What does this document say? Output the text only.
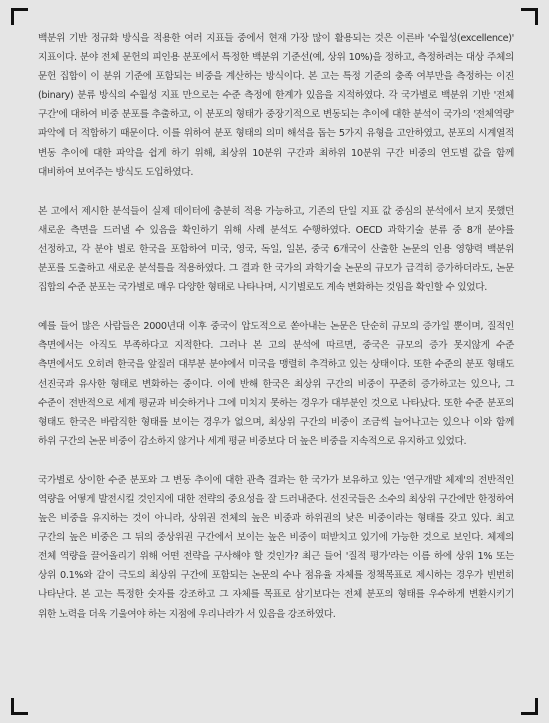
백분위 기반 정규화 방식을 적용한 여러 지표들 중에서 현재 가장 많이 활용되는 것은 이른바 '수월성(excellence)' 지표이다. 분야 전체 문헌의 피인용 분포에서 특정한 백분위 기준선(예, 상위 10%)을 정하고, 측정하려는 대상 주체의 문헌 집합이 이 분위 기준에 포함되는 비중을 계산하는 방식이다. 본 고는 특정 기준의 충족 여부만을 측정하는 이진(binary) 분류 방식의 수월성 지표 만으로는 수준 측정에 한계가 있음을 지적하였다. 각 국가별로 백분위 기반 '전체 구간'에 대하여 비중 분포를 추출하고, 이 분포의 형태가 중장기적으로 변동되는 추이에 대한 분석이 국가의 '전체역량' 파악에 더 적합하기 때문이다. 이를 위하여 분포 형태의 의미 해석을 돕는 5가지 유형을 고안하였고, 분포의 시계열적 변동 추이에 대한 파악을 쉽게 하기 위해, 최상위 10분위 구간과 최하위 10분위 구간 비중의 연도별 값을 함께 대비하여 보여주는 방식도 도입하였다.

본 고에서 제시한 분석들이 실제 데이터에 충분히 적용 가능하고, 기존의 단일 지표 값 중심의 분석에서 보지 못했던 새로운 측면을 드러낼 수 있음을 확인하기 위해 사례 분석도 수행하였다. OECD 과학기술 분류 중 8개 분야를 선정하고, 각 분야 별로 한국을 포함하여 미국, 영국, 독일, 일본, 중국 6개국이 산출한 논문의 인용 영향력 백분위 분포를 도출하고 새로운 분석틀을 적용하였다. 그 결과 한 국가의 과학기술 논문의 규모가 급격히 증가하더라도, 논문 집합의 수준 분포는 국가별로 매우 다양한 형태로 나타나며, 시기별로도 계속 변화하는 것임을 확인할 수 있었다.

예를 들어 많은 사람들은 2000년대 이후 중국이 압도적으로 쏟아내는 논문은 단순히 규모의 증가일 뿐이며, 질적인 측면에서는 아직도 부족하다고 지적한다. 그러나 본 고의 분석에 따르면, 중국은 규모의 증가 못지않게 수준 측면에서도 오히려 한국을 앞질러 대부분 분야에서 미국을 맹렬히 추격하고 있는 상태이다. 또한 수준의 분포 형태도 선진국과 유사한 형태로 변화하는 중이다. 이에 반해 한국은 최상위 구간의 비중이 꾸준히 증가하고는 있으나, 그 수준이 전반적으로 세계 평균과 비슷하거나 그에 미치지 못하는 경우가 대부분인 것으로 나타났다. 또한 수준 분포의 형태도 한국은 바람직한 형태를 보이는 경우가 없으며, 최상위 구간의 비중이 조금씩 늘어나고는 있으나 이와 함께 하위 구간의 논문 비중이 감소하지 않거나 세계 평균 비중보다 더 높은 비중을 지속적으로 유지하고 있었다.

국가별로 상이한 수준 분포와 그 변동 추이에 대한 관측 결과는 한 국가가 보유하고 있는 '연구개발 체제'의 전반적인 역량을 어떻게 발전시킬 것인지에 대한 전략의 중요성을 잘 드러내준다. 선진국들은 소수의 최상위 구간에만 한정하여 높은 비중을 유지하는 것이 아니라, 상위권 전체의 높은 비중과 하위권의 낮은 비중이라는 형태를 갖고 있다. 최고 구간의 높은 비중은 그 뒤의 중상위권 구간에서 보이는 높은 비중이 떠받치고 있기에 가능한 것으로 보인다. 체제의 전체 역량을 끌어올리기 위해 어떤 전략을 구사해야 할 것인가? 최근 들어 '질적 평가'라는 이름 하에 상위 1% 또는 상위 0.1%와 같이 극도의 최상위 구간에 포함되는 논문의 수나 점유율 자체를 정책목표로 제시하는 경우가 빈번히 나타난다. 본 고는 특정한 숫자를 강조하고 그 자체를 목표로 삼기보다는 전체 분포의 형태를 우수하게 변환시키기 위한 노력을 더욱 기울여야 하는 지점에 우리나라가 서 있음을 강조하였다.
